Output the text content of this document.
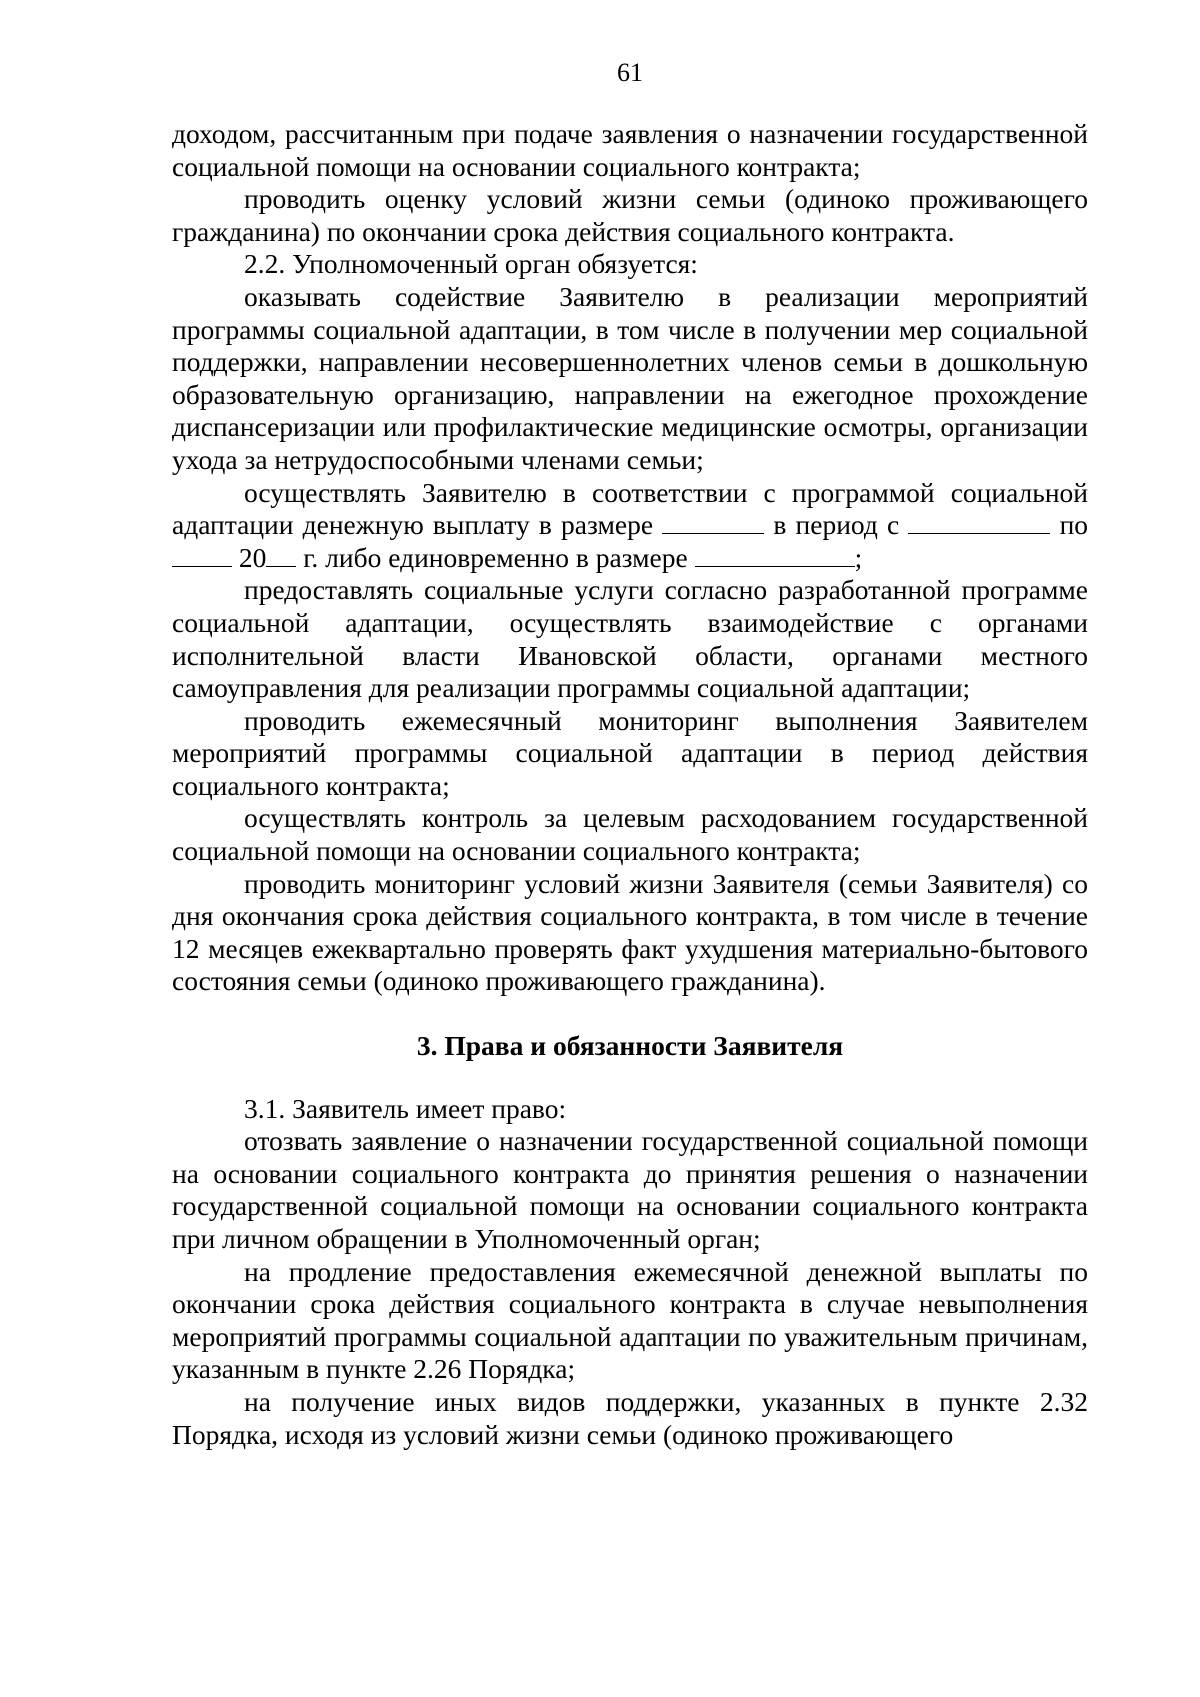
61

доходом, рассчитанным при подаче заявления о назначении государственной социальной помощи на основании социального контракта;

проводить оценку условий жизни семьи (одиноко проживающего гражданина) по окончании срока действия социального контракта.

2.2. Уполномоченный орган обязуется:

оказывать содействие Заявителю в реализации мероприятий программы социальной адаптации, в том числе в получении мер социальной поддержки, направлении несовершеннолетних членов семьи в дошкольную образовательную организацию, направлении на ежегодное прохождение диспансеризации или профилактические медицинские осмотры, организации ухода за нетрудоспособными членами семьи;

осуществлять Заявителю в соответствии с программой социальной адаптации денежную выплату в размере	в период с	по  20 г. либо единовременно в размере	;

предоставлять социальные услуги согласно разработанной программе социальной адаптации, осуществлять взаимодействие с органами исполнительной власти Ивановской области, органами местного самоуправления для реализации программы социальной адаптации;

проводить ежемесячный мониторинг выполнения Заявителем мероприятий программы социальной адаптации в период действия социального контракта;

осуществлять контроль за целевым расходованием государственной социальной помощи на основании социального контракта;

проводить мониторинг условий жизни Заявителя (семьи Заявителя) со дня окончания срока действия социального контракта, в том числе в течение 12 месяцев ежеквартально проверять факт ухудшения материально-бытового состояния семьи (одиноко проживающего гражданина).

3. Права и обязанности Заявителя

3.1. Заявитель имеет право:

отозвать заявление о назначении государственной социальной помощи на основании социального контракта до принятия решения о назначении государственной социальной помощи на основании социального контракта при личном обращении в Уполномоченный орган;

на продление предоставления ежемесячной денежной выплаты по окончании срока действия социального контракта в случае невыполнения мероприятий программы социальной адаптации по уважительным причинам, указанным в пункте 2.26 Порядка;

на получение иных видов поддержки, указанных в пункте 2.32 Порядка, исходя из условий жизни семьи (одиноко проживающего
